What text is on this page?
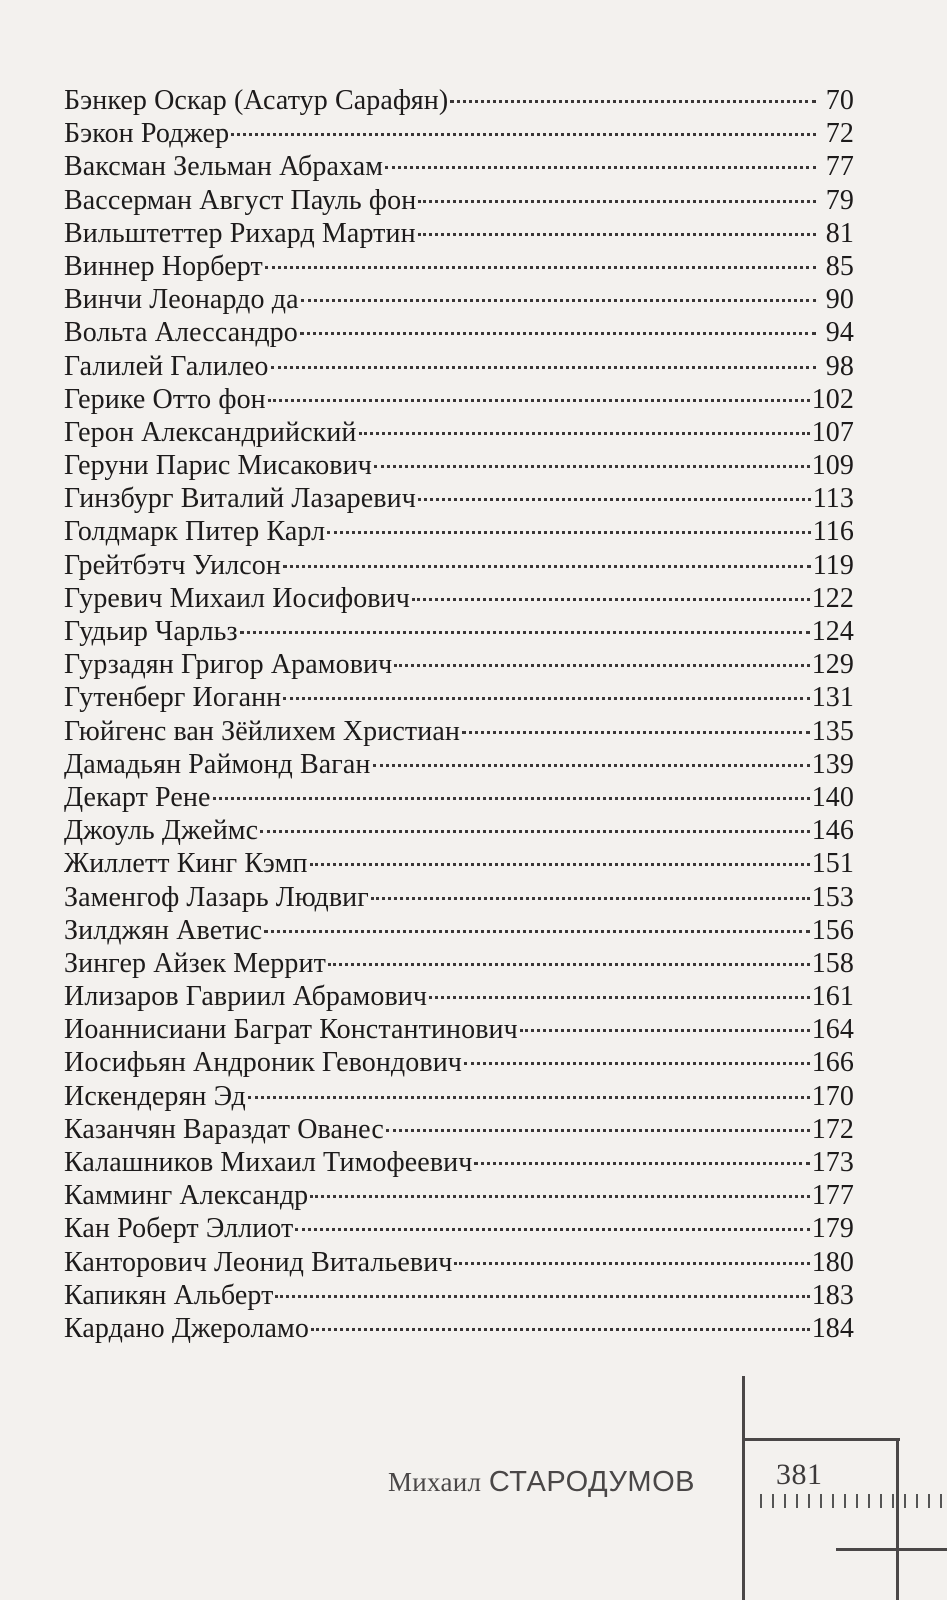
Бэнкер Оскар (Асатур Сарафян)	70
Бэкон Роджер	72
Ваксман Зельман Абрахам	77
Вассерман Август Пауль фон	79
Вильштеттер Рихард Мартин	81
Виннер Норберт	85
Винчи Леонардо да	90
Вольта Алессандро	94
Галилей Галилео	98
Герике Отто фон	102
Герон Александрийский	107
Геруни Парис Мисакович	109
Гинзбург Виталий Лазаревич	113
Голдмарк Питер Карл	116
Грейтбэтч Уилсон	119
Гуревич Михаил Иосифович	122
Гудьир Чарльз	124
Гурзадян Григор Арамович	129
Гутенберг Иоганн	131
Гюйгенс ван Зёйлихем Христиан	135
Дамадьян Раймонд Ваган	139
Декарт Рене	140
Джоуль Джеймс	146
Жиллетт Кинг Кэмп	151
Заменгоф Лазарь Людвиг	153
Зилджян Аветис	156
Зингер Айзек Меррит	158
Илизаров Гавриил Абрамович	161
Иоаннисиани Баграт Константинович	164
Иосифьян Андроник Гевондович	166
Искендерян Эд	170
Казанчян Вараздат Ованес	172
Калашников Михаил Тимофеевич	173
Камминг Александр	177
Кан Роберт Эллиот	179
Канторович Леонид Витальевич	180
Капикян Альберт	183
Кардано Джероламо	184
Михаил СТАРОДУМОВ	381
